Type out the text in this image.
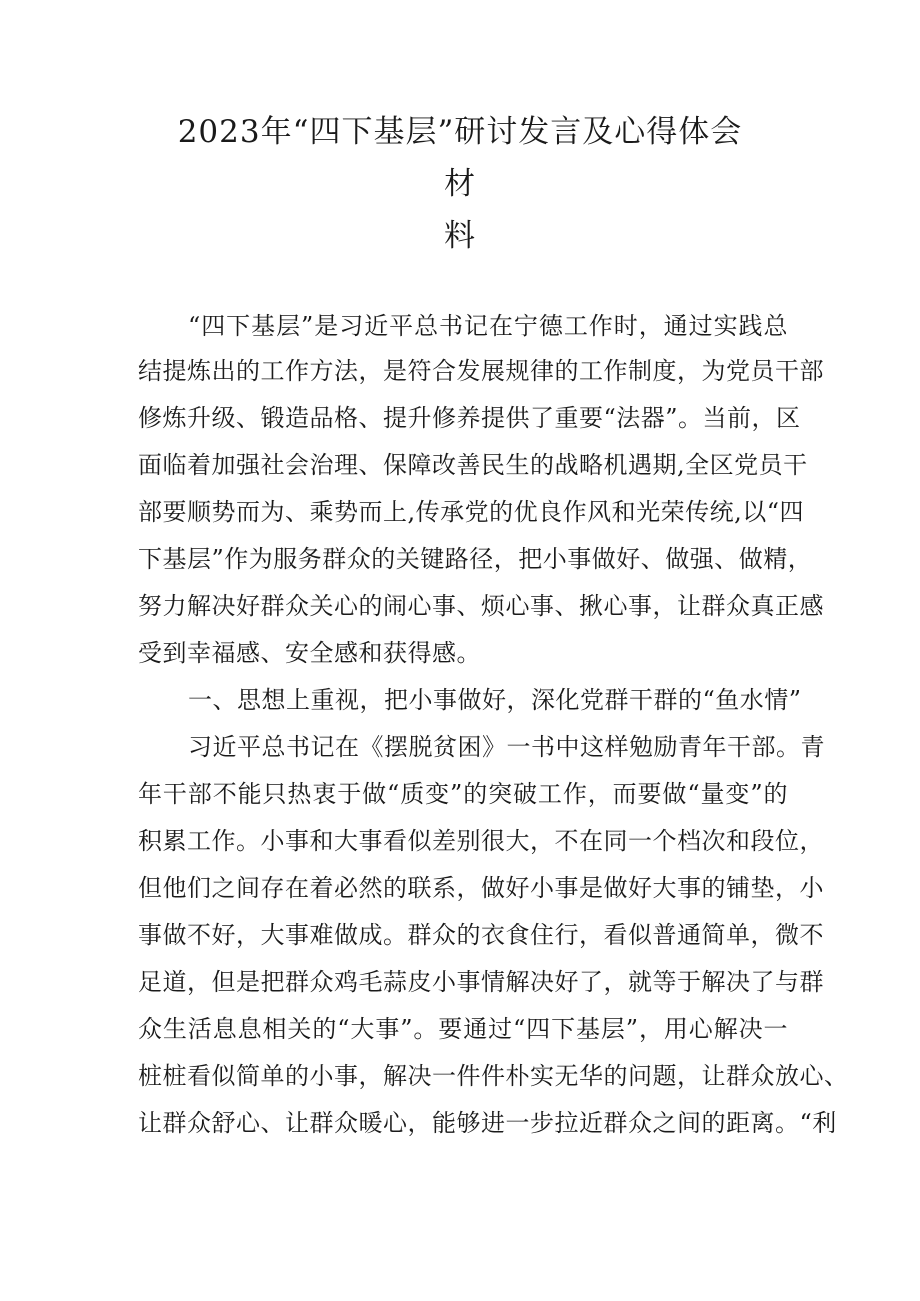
2023年“四下基层”研讨发言及心得体会
材
料

“四下基层”是习近平总书记在宁德工作时，通过实践总

结提炼出的工作方法，是符合发展规律的工作制度，为党员干部

修炼升级、锻造品格、提升修养提供了重要“法器”。当前，区

面临着加强社会治理、保障改善民生的战略机遇期,全区党员干

部要顺势而为、乘势而上,传承党的优良作风和光荣传统,以“四

下基层”作为服务群众的关键路径，把小事做好、做强、做精，

努力解决好群众关心的闹心事、烦心事、揪心事，让群众真正感

受到幸福感、安全感和获得感。

一、思想上重视，把小事做好，深化党群干群的“鱼水情”

习近平总书记在《摆脱贫困》一书中这样勉励青年干部。青

年干部不能只热衷于做“质变”的突破工作，而要做“量变”的

积累工作。小事和大事看似差别很大，不在同一个档次和段位，

但他们之间存在着必然的联系，做好小事是做好大事的铺垫，小

事做不好，大事难做成。群众的衣食住行，看似普通简单，微不

足道，但是把群众鸡毛蒜皮小事情解决好了，就等于解决了与群

众生活息息相关的“大事”。要通过“四下基层”，用心解决一

桩桩看似简单的小事，解决一件件朴实无华的问题，让群众放心、

让群众舒心、让群众暖心，能够进一步拉近群众之间的距离。“利
